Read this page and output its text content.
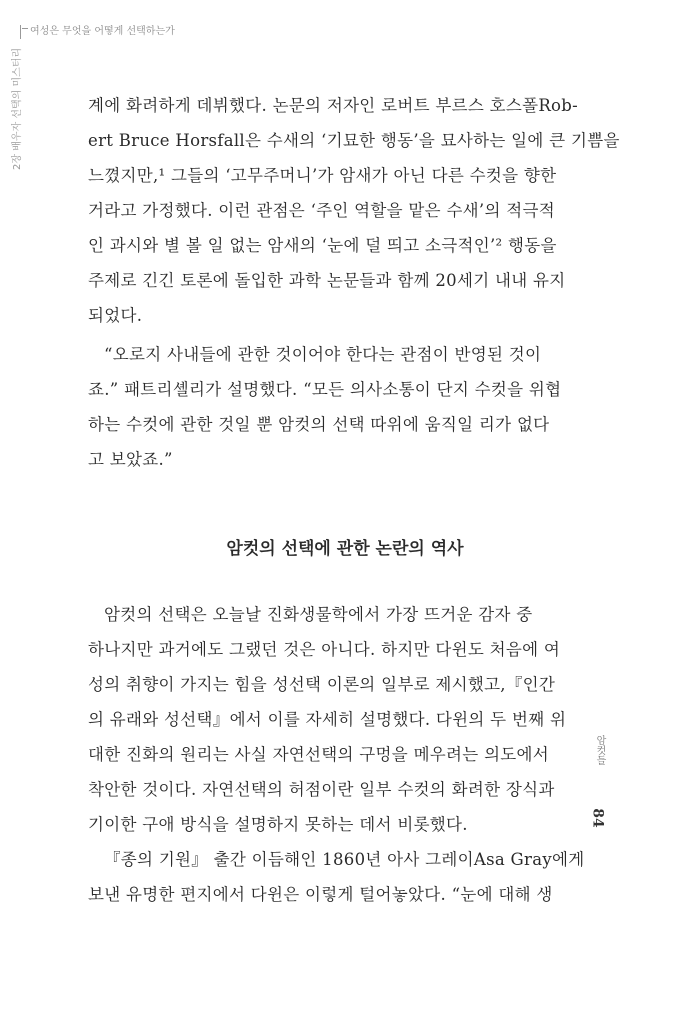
여성은 무엇을 어떻게 선택하는가
2장 배우자 선택의 미스터리
암컷들
84
계에 화려하게 데뷔했다. 논문의 저자인 로버트 부르스 호스폴Rob-
ert Bruce Horsfall은 수새의 ‘기묘한 행동’을 묘사하는 일에 큰 기쁨을
느꼈지만,¹ 그들의 ‘고무주머니’가 암새가 아닌 다른 수컷을 향한
거라고 가정했다. 이런 관점은 ‘주인 역할을 맡은 수새’의 적극적
인 과시와 별 볼 일 없는 암새의 ‘눈에 덜 띄고 소극적인’² 행동을
주제로 긴긴 토론에 돌입한 과학 논문들과 함께 20세기 내내 유지
되었다.
“오로지 사내들에 관한 것이어야 한다는 관점이 반영된 것이
죠.” 패트리셸리가 설명했다. “모든 의사소통이 단지 수컷을 위협
하는 수컷에 관한 것일 뿐 암컷의 선택 따위에 움직일 리가 없다
고 보았죠.”
암컷의 선택에 관한 논란의 역사
암컷의 선택은 오늘날 진화생물학에서 가장 뜨거운 감자 중
하나지만 과거에도 그랬던 것은 아니다. 하지만 다윈도 처음에 여
성의 취향이 가지는 힘을 성선택 이론의 일부로 제시했고,『인간
의 유래와 성선택』에서 이를 자세히 설명했다. 다윈의 두 번째 위
대한 진화의 원리는 사실 자연선택의 구멍을 메우려는 의도에서
착안한 것이다. 자연선택의 허점이란 일부 수컷의 화려한 장식과
기이한 구애 방식을 설명하지 못하는 데서 비롯했다.
『종의 기원』 출간 이듬해인 1860년 아사 그레이Asa Gray에게
보낸 유명한 편지에서 다윈은 이렇게 털어놓았다. “눈에 대해 생
